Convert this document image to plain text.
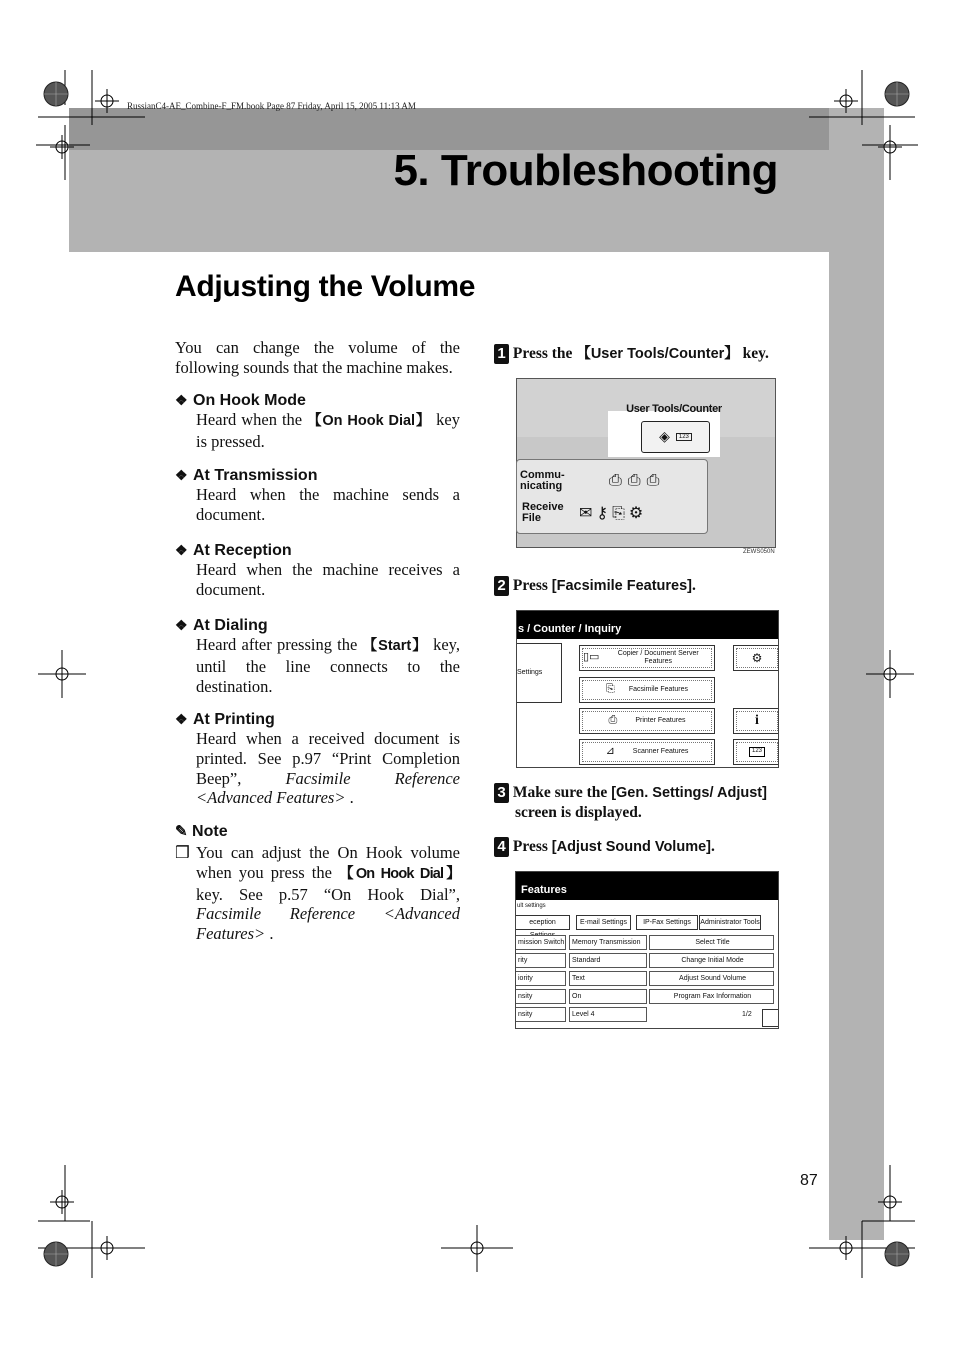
RussianC4-AE_Combine-F_FM.book Page 87 Friday, April 15, 2005 11:13 AM
5. Troubleshooting
Adjusting the Volume
You can change the volume of the following sounds that the machine makes.
❖ On Hook Mode
Heard when the 【On Hook Dial】 key is pressed.
❖ At Transmission
Heard when the machine sends a document.
❖ At Reception
Heard when the machine receives a document.
❖ At Dialing
Heard after pressing the 【Start】 key, until the line connects to the destination.
❖ At Printing
Heard when a received document is printed. See p.97 “Print Completion Beep”, Facsimile Reference <Advanced Features> .
✎ Note
❒ You can adjust the On Hook volume when you press the 【On Hook Dial】 key. See p.57 “On Hook Dial”, Facsimile Reference <Advanced Features> .
1 Press the 【User Tools/Counter】 key.
User Tools/Counter
◈	123
Commu-
nicating
Receive
File
⎙⎙⎙
✉⚷⎘⚙
ZEWS050N
2 Press [Facsimile Features].
s / Counter / Inquiry
Settings
▯▭	Copier / Document Server Features
⎘ Facsimile Features
⎙	Printer Features
⊿	Scanner Features
⚙
i
123
3 Make sure the [Gen. Settings/ Adjust]
screen is displayed.
4 Press [Adjust Sound Volume].
Features
ult settings
eception	E-mail Settings	IP-Fax Settings	Administrator Tools
mission Switch	Memory Transmission	Select Title
rity	Standard	Change Initial Mode
iority	Text	Adjust Sound Volume
nsity	On	Program Fax Information
nsity	Level 4	1/2
87
